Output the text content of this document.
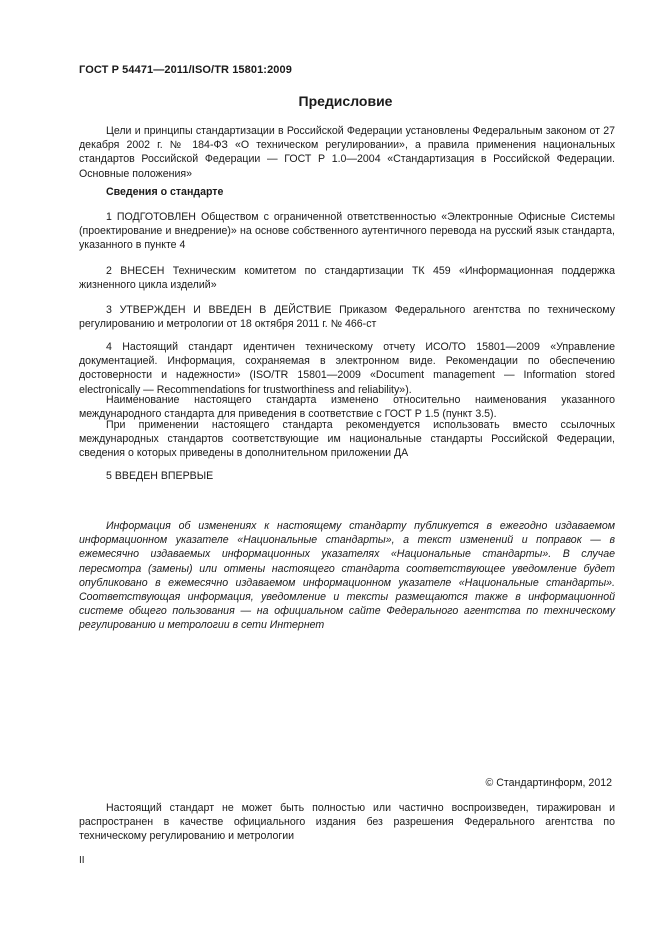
ГОСТ Р 54471—2011/ISO/TR 15801:2009
Предисловие

Цели и принципы стандартизации в Российской Федерации установлены Федеральным законом от 27 декабря 2002 г. № 184-ФЗ «О техническом регулировании», а правила применения национальных стандартов Российской Федерации — ГОСТ Р 1.0—2004 «Стандартизация в Российской Федерации. Основные положения»

Сведения о стандарте

1 ПОДГОТОВЛЕН Обществом с ограниченной ответственностью «Электронные Офисные Системы (проектирование и внедрение)» на основе собственного аутентичного перевода на русский язык стандарта, указанного в пункте 4

2 ВНЕСЕН Техническим комитетом по стандартизации ТК 459 «Информационная поддержка жизненного цикла изделий»

3 УТВЕРЖДЕН И ВВЕДЕН В ДЕЙСТВИЕ Приказом Федерального агентства по техническому регулированию и метрологии от 18 октября 2011 г. № 466-ст

4 Настоящий стандарт идентичен техническому отчету ИСО/ТО 15801—2009 «Управление документацией. Информация, сохраняемая в электронном виде. Рекомендации по обеспечению достоверности и надежности» (ISO/TR 15801—2009 «Document management — Information stored electronically — Recommendations for trustworthiness and reliability»).

Наименование настоящего стандарта изменено относительно наименования указанного международного стандарта для приведения в соответствие с ГОСТ Р 1.5 (пункт 3.5).

При применении настоящего стандарта рекомендуется использовать вместо ссылочных международных стандартов соответствующие им национальные стандарты Российской Федерации, сведения о которых приведены в дополнительном приложении ДА

5 ВВЕДЕН ВПЕРВЫЕ

Информация об изменениях к настоящему стандарту публикуется в ежегодно издаваемом информационном указателе «Национальные стандарты», а текст изменений и поправок — в ежемесячно издаваемых информационных указателях «Национальные стандарты». В случае пересмотра (замены) или отмены настоящего стандарта соответствующее уведомление будет опубликовано в ежемесячно издаваемом информационном указателе «Национальные стандарты». Соответствующая информация, уведомление и тексты размещаются также в информационной системе общего пользования — на официальном сайте Федерального агентства по техническому регулированию и метрологии в сети Интернет

© Стандартинформ, 2012

Настоящий стандарт не может быть полностью или частично воспроизведен, тиражирован и распространен в качестве официального издания без разрешения Федерального агентства по техническому регулированию и метрологии

II
